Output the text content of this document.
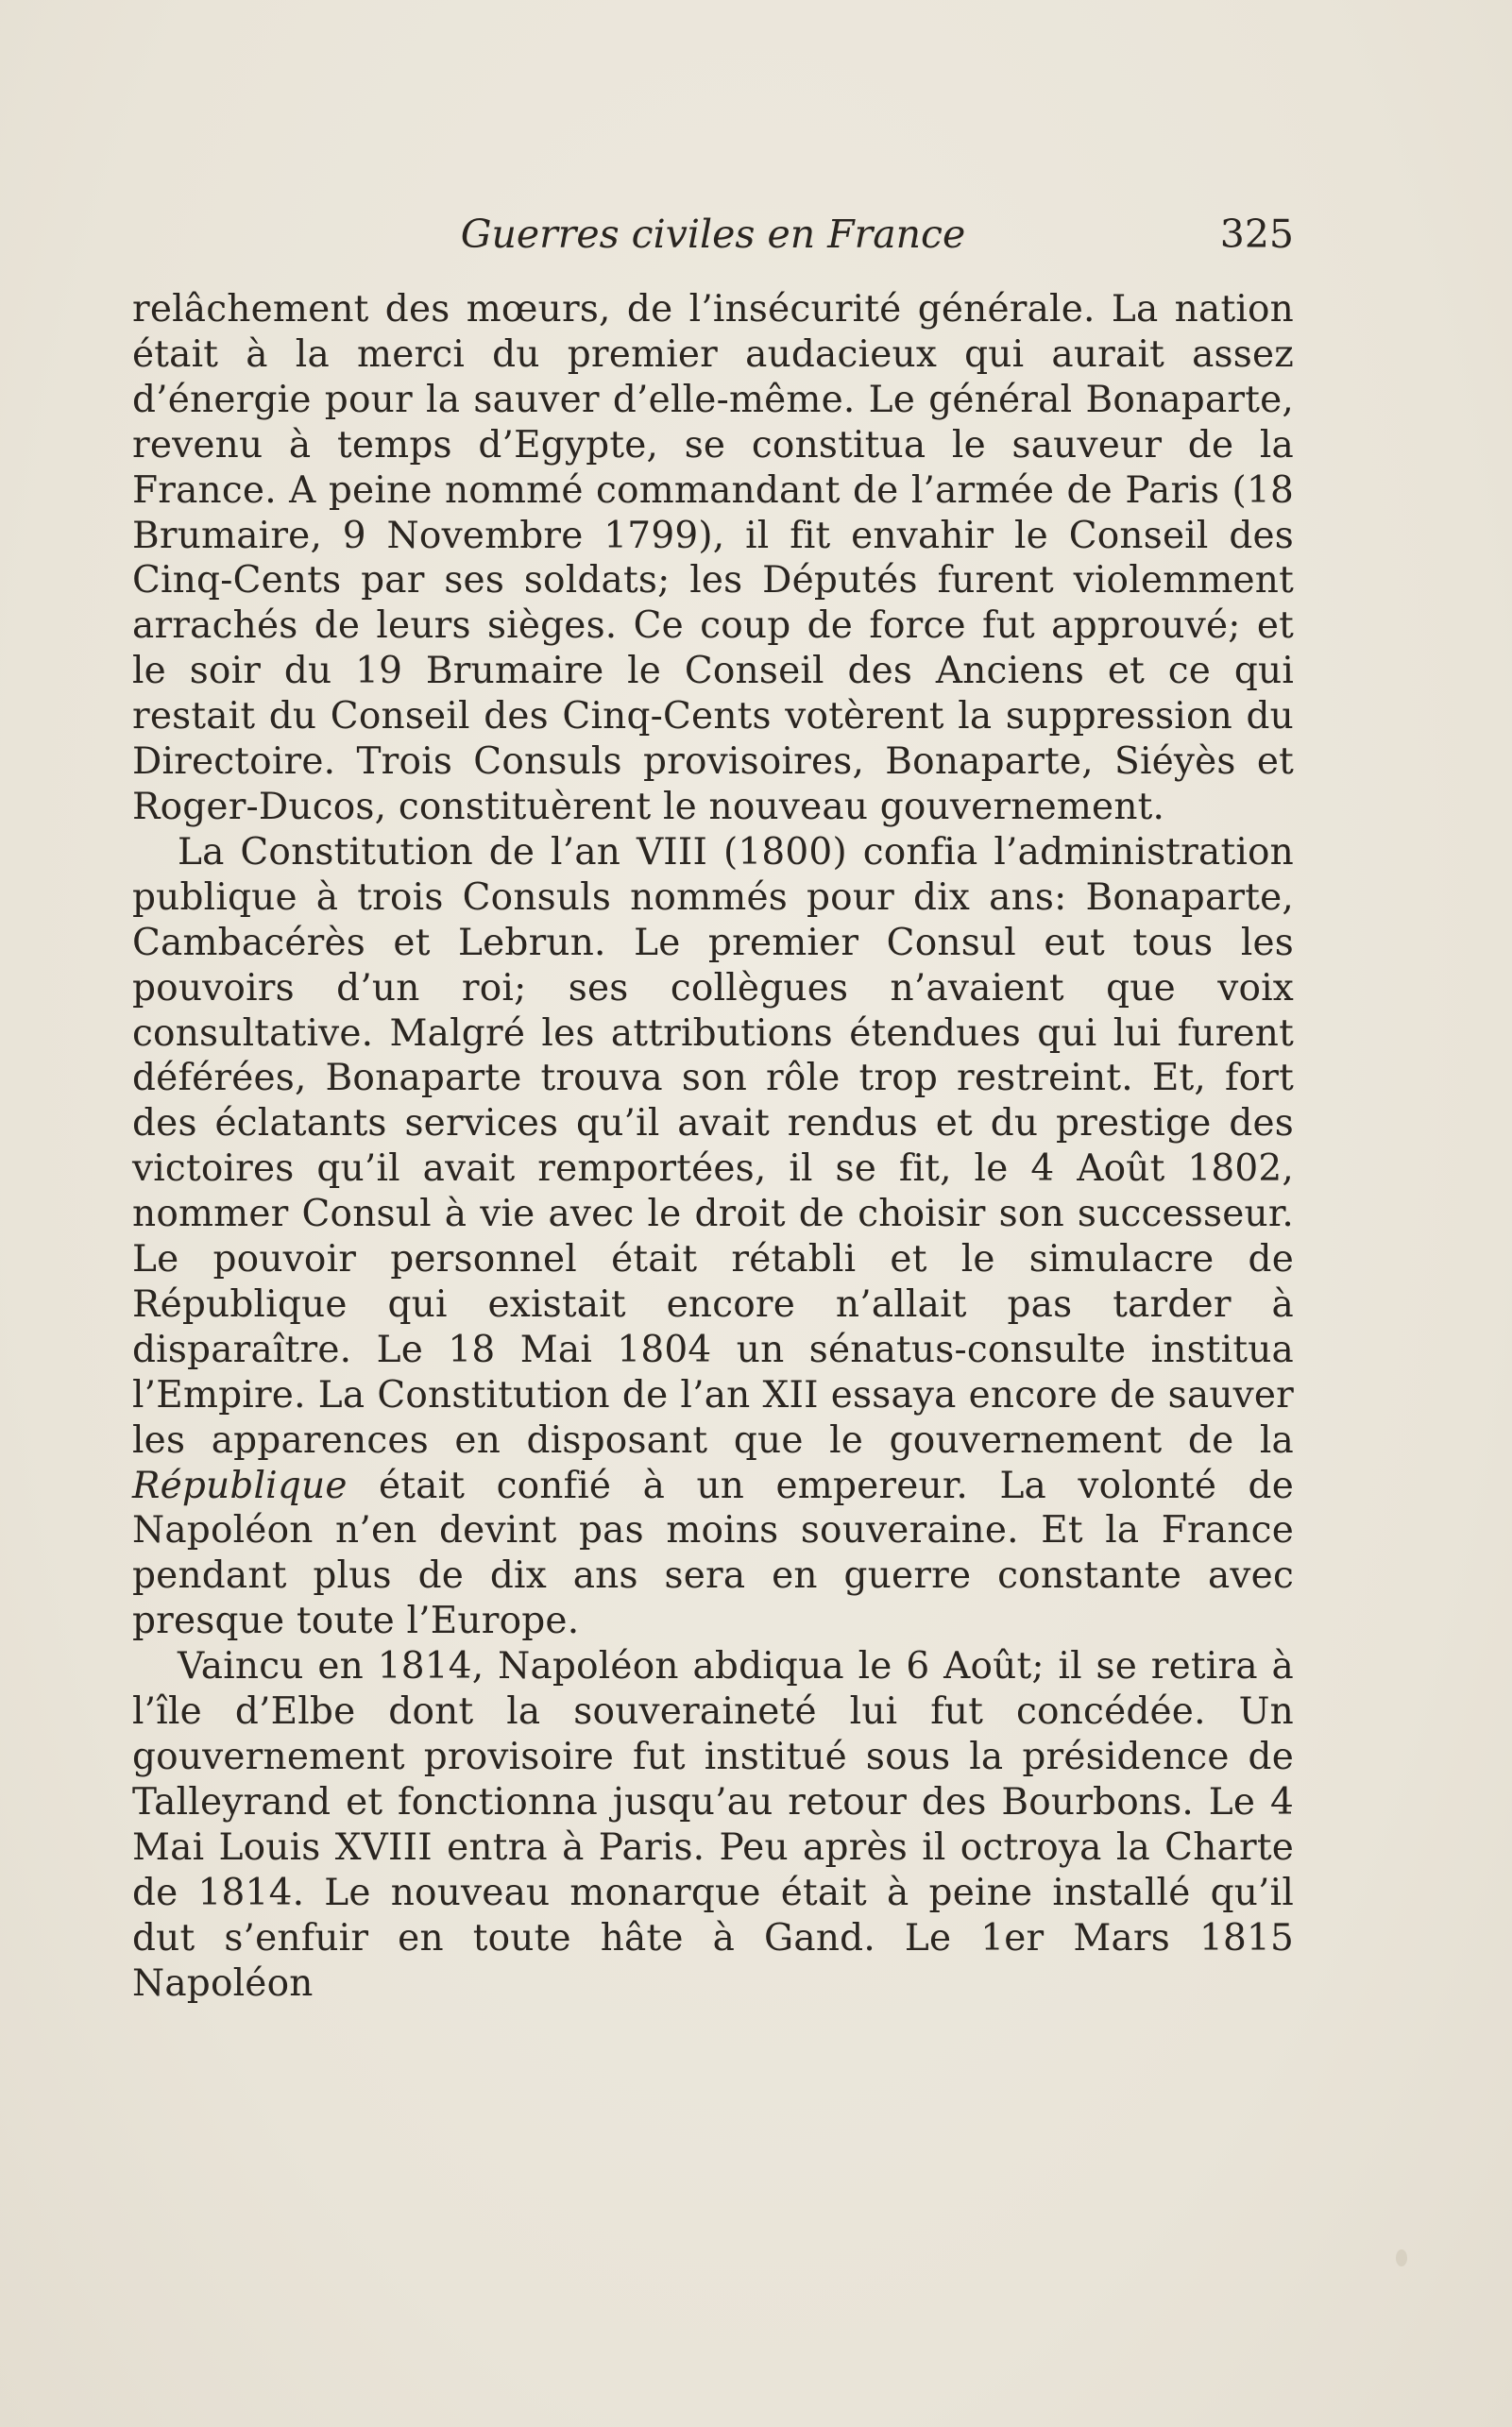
Guerres civiles en France	325

relâchement des mœurs, de l’insécurité générale. La nation était à la merci du premier audacieux qui aurait assez d’énergie pour la sauver d’elle-même. Le général Bonaparte, revenu à temps d’Egypte, se constitua le sauveur de la France. A peine nommé commandant de l’armée de Paris (18 Brumaire, 9 Novembre 1799), il fit envahir le Conseil des Cinq-Cents par ses soldats; les Députés furent violemment arrachés de leurs sièges. Ce coup de force fut approuvé; et le soir du 19 Brumaire le Conseil des Anciens et ce qui restait du Conseil des Cinq-Cents votèrent la suppression du Directoire. Trois Consuls provisoires, Bonaparte, Siéyès et Roger-Ducos, constituèrent le nouveau gouvernement.

La Constitution de l’an VIII (1800) confia l’administration publique à trois Consuls nommés pour dix ans: Bonaparte, Cambacérès et Lebrun. Le premier Consul eut tous les pouvoirs d’un roi; ses collègues n’avaient que voix consultative. Malgré les attributions étendues qui lui furent déférées, Bonaparte trouva son rôle trop restreint. Et, fort des éclatants services qu’il avait rendus et du prestige des victoires qu’il avait remportées, il se fit, le 4 Août 1802, nommer Consul à vie avec le droit de choisir son successeur. Le pouvoir personnel était rétabli et le simulacre de République qui existait encore n’allait pas tarder à disparaître. Le 18 Mai 1804 un sénatus-consulte institua l’Empire. La Constitution de l’an XII essaya encore de sauver les apparences en disposant que le gouvernement de la République était confié à un empereur. La volonté de Napoléon n’en devint pas moins souveraine. Et la France pendant plus de dix ans sera en guerre constante avec presque toute l’Europe.

Vaincu en 1814, Napoléon abdiqua le 6 Août; il se retira à l’île d’Elbe dont la souveraineté lui fut concédée. Un gouvernement provisoire fut institué sous la présidence de Talleyrand et fonctionna jusqu’au retour des Bourbons. Le 4 Mai Louis XVIII entra à Paris. Peu après il octroya la Charte de 1814. Le nouveau monarque était à peine installé qu’il dut s’enfuir en toute hâte à Gand. Le 1er Mars 1815 Napoléon
